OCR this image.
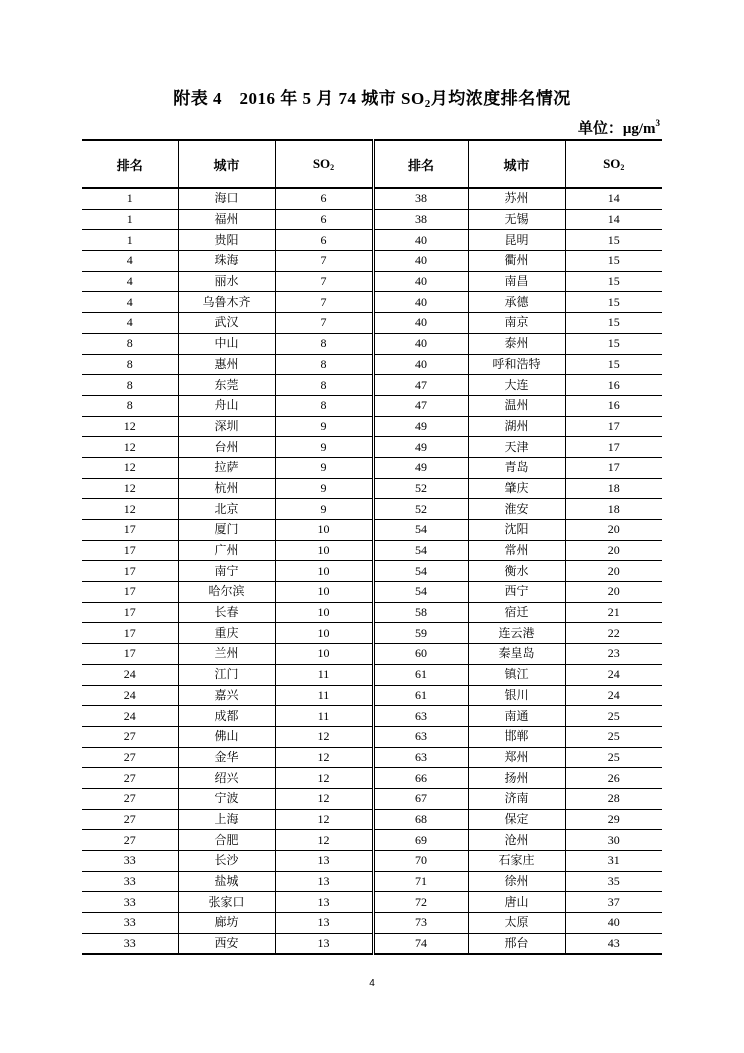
附表 4　2016 年 5 月 74 城市 $SO_2$月均浓度排名情况
单位：$\mu g/m^3$
排名	城市	$SO_2$	排名	城市	$SO_2$
1	海口	6	38	苏州	14
1	福州	6	38	无锡	14
1	贵阳	6	40	昆明	15
4	珠海	7	40	衢州	15
4	丽水	7	40	南昌	15
4	乌鲁木齐	7	40	承德	15
4	武汉	7	40	南京	15
8	中山	8	40	泰州	15
8	惠州	8	40	呼和浩特	15
8	东莞	8	47	大连	16
8	舟山	8	47	温州	16
12	深圳	9	49	湖州	17
12	台州	9	49	天津	17
12	拉萨	9	49	青岛	17
12	杭州	9	52	肇庆	18
12	北京	9	52	淮安	18
17	厦门	10	54	沈阳	20
17	广州	10	54	常州	20
17	南宁	10	54	衡水	20
17	哈尔滨	10	54	西宁	20
17	长春	10	58	宿迁	21
17	重庆	10	59	连云港	22
17	兰州	10	60	秦皇岛	23
24	江门	11	61	镇江	24
24	嘉兴	11	61	银川	24
24	成都	11	63	南通	25
27	佛山	12	63	邯郸	25
27	金华	12	63	郑州	25
27	绍兴	12	66	扬州	26
27	宁波	12	67	济南	28
27	上海	12	68	保定	29
27	合肥	12	69	沧州	30
33	长沙	13	70	石家庄	31
33	盐城	13	71	徐州	35
33	张家口	13	72	唐山	37
33	廊坊	13	73	太原	40
33	西安	13	74	邢台	43
4
